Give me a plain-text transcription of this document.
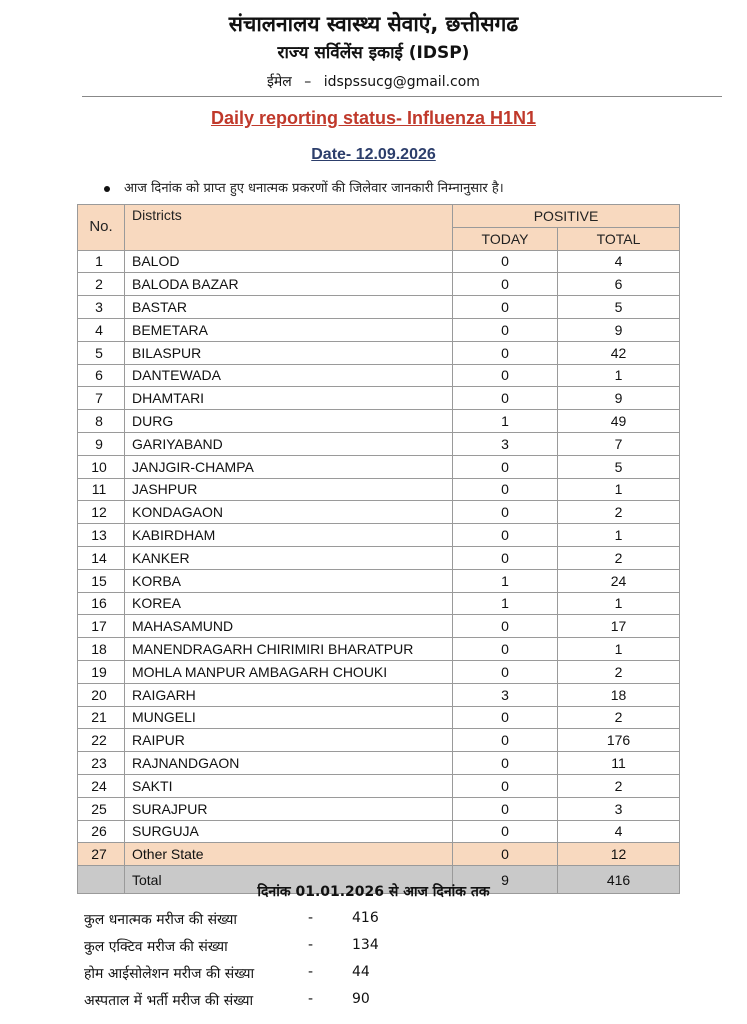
संचालनालय स्वास्थ्य सेवाएं, छत्तीसगढ
राज्य सर्विलेंस इकाई (IDSP)
ईमेल – idspssucg@gmail.com
Daily reporting status- Influenza H1N1
Date- 12.09.2026
आज दिनांक को प्राप्त हुए धनात्मक प्रकरणों की जिलेवार जानकारी निम्नानुसार है।
No.	Districts	POSITIVE	
		TODAY	TOTAL
1	BALOD	0	4
2	BALODA BAZAR	0	6
3	BASTAR	0	5
4	BEMETARA	0	9
5	BILASPUR	0	42
6	DANTEWADA	0	1
7	DHAMTARI	0	9
8	DURG	1	49
9	GARIYABAND	3	7
10	JANJGIR-CHAMPA	0	5
11	JASHPUR	0	1
12	KONDAGAON	0	2
13	KABIRDHAM	0	1
14	KANKER	0	2
15	KORBA	1	24
16	KOREA	1	1
17	MAHASAMUND	0	17
18	MANENDRAGARH CHIRIMIRI BHARATPUR	0	1
19	MOHLA MANPUR AMBAGARH CHOUKI	0	2
20	RAIGARH	3	18
21	MUNGELI	0	2
22	RAIPUR	0	176
23	RAJNANDGAON	0	11
24	SAKTI	0	2
25	SURAJPUR	0	3
26	SURGUJA	0	4
27	Other State	0	12
	Total	9	416
दिनांक 01.01.2026 से आज दिनांक तक
कुल धनात्मक मरीज की संख्या	-	416
कुल एक्टिव मरीज की संख्या	-	134
होम आईसोलेशन मरीज की संख्या	-	44
अस्पताल में भर्ती मरीज की संख्या	-	90
